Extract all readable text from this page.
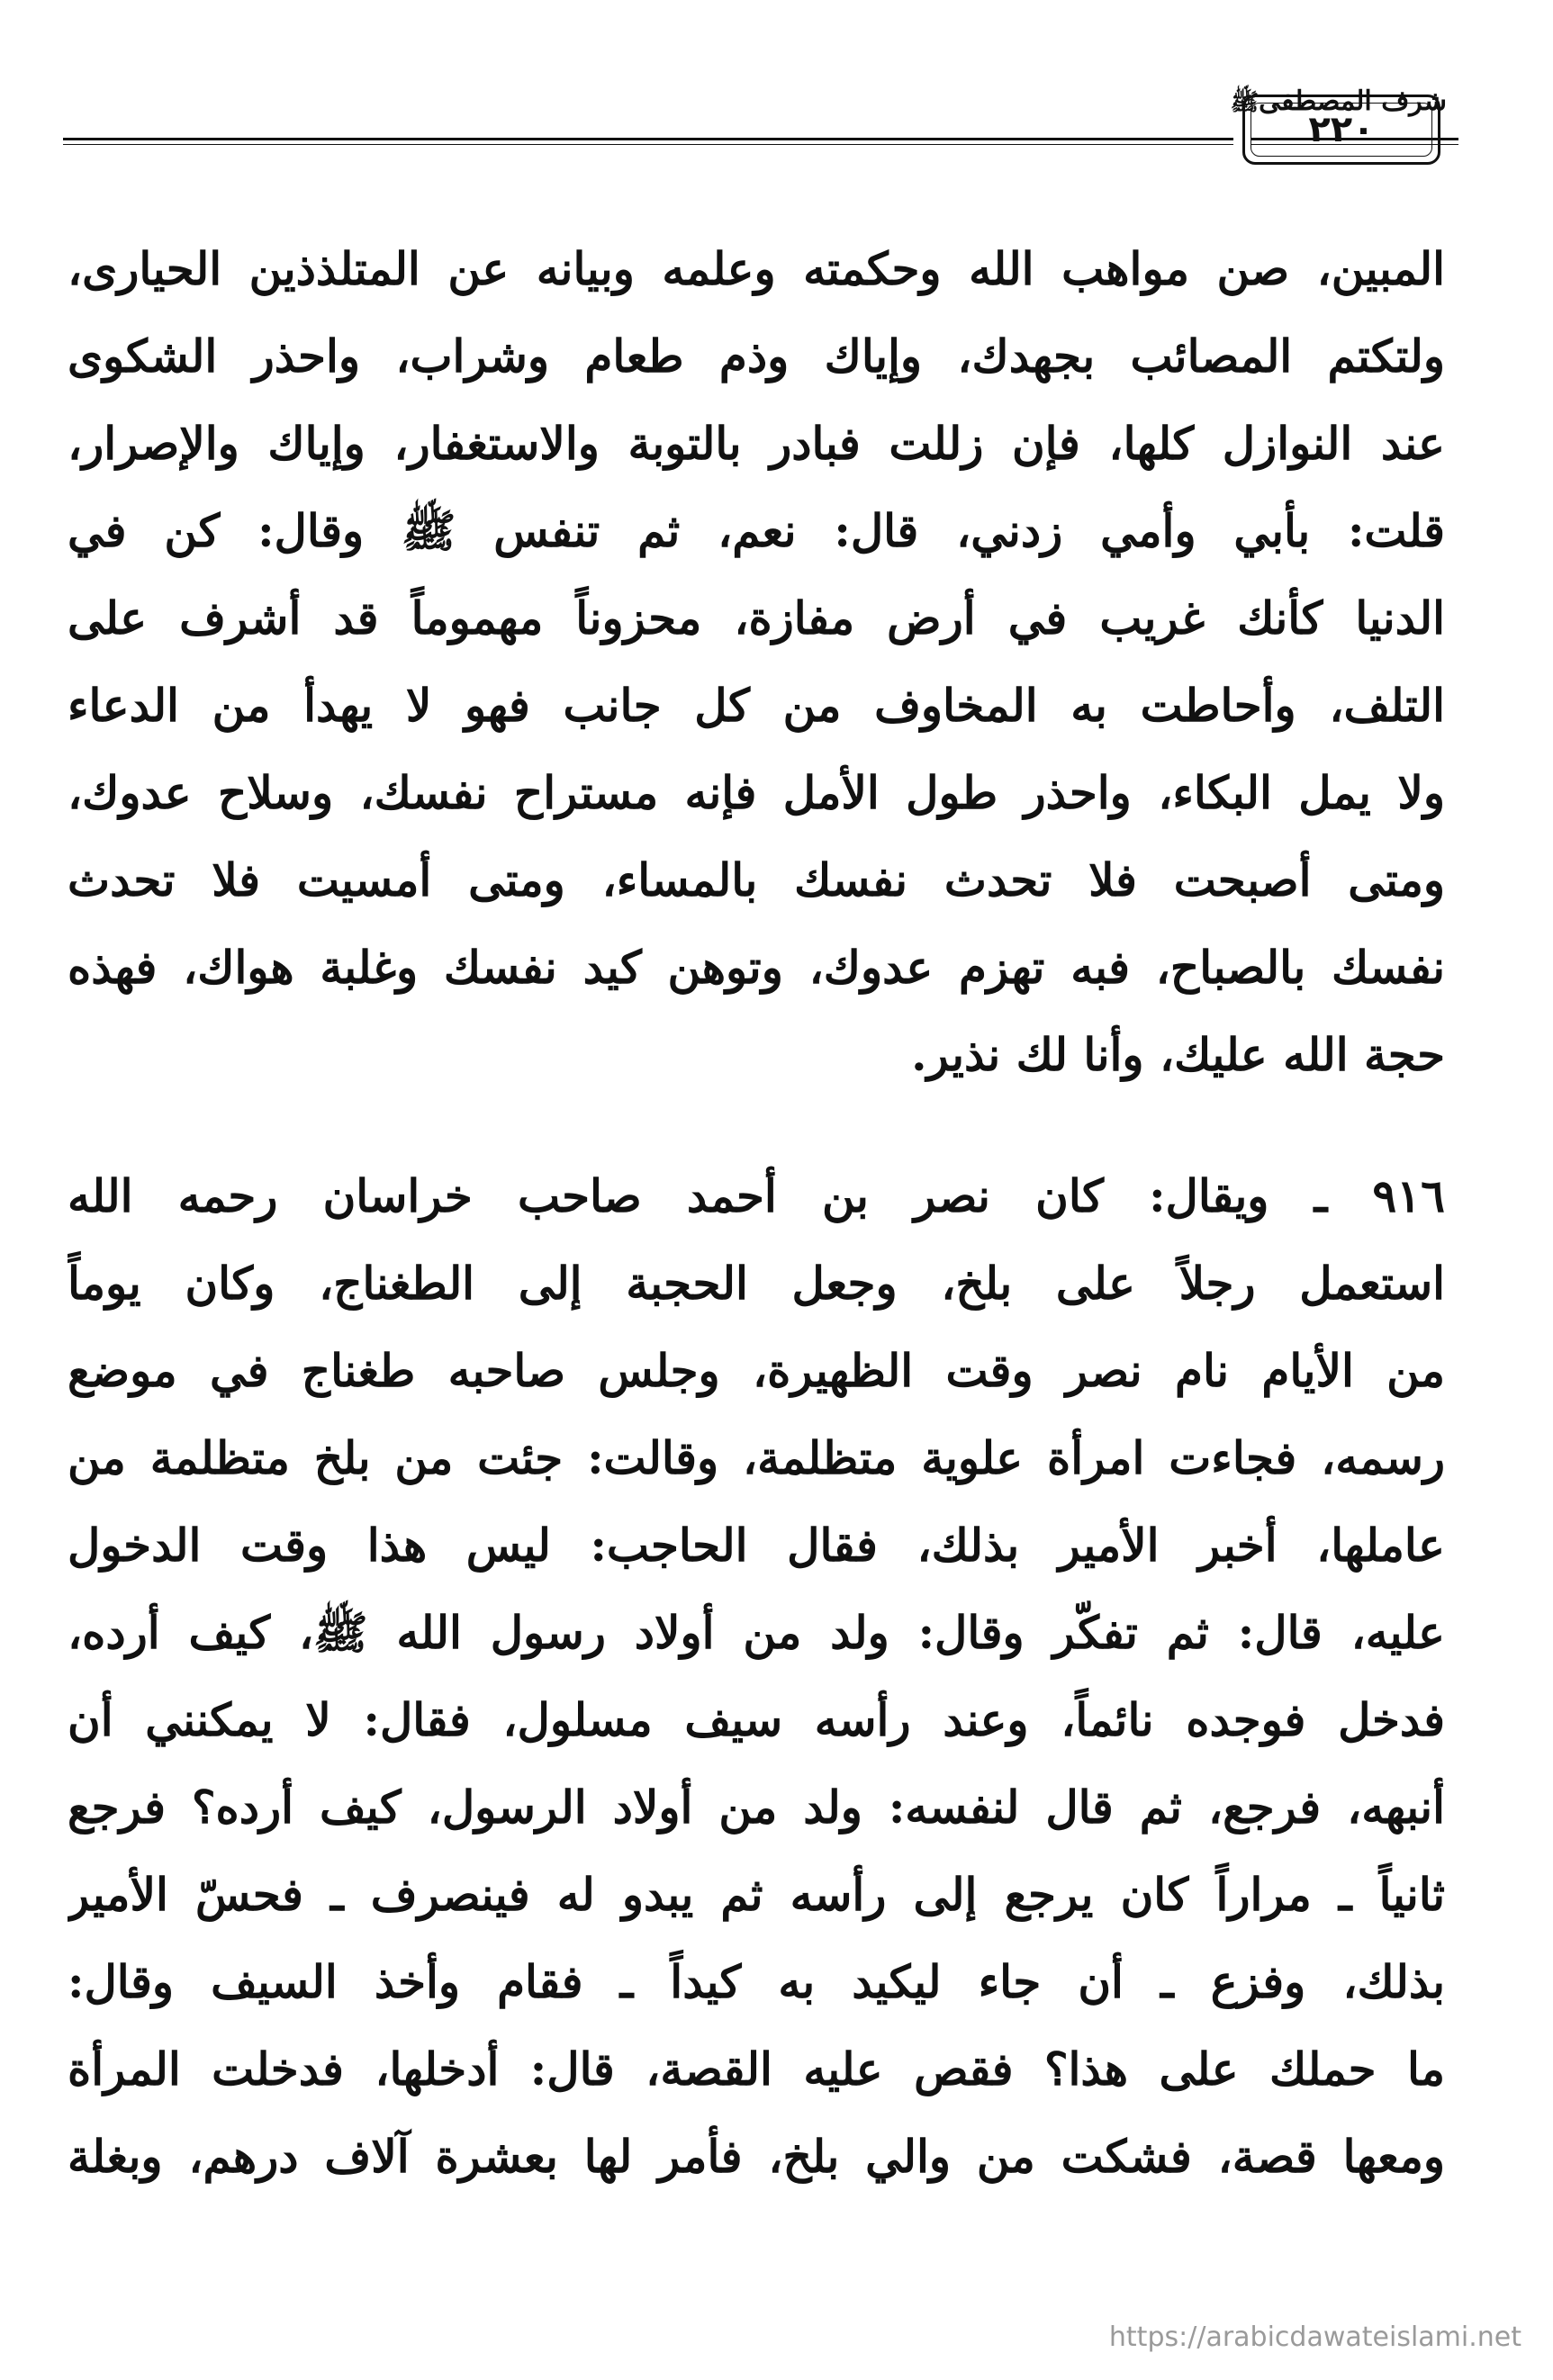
٢٢٠
شرف المصطفىﷺ
المبين، صن مواهب الله وحكمته وعلمه وبيانه عن المتلذذين الحيارى،
ولتكتم المصائب بجهدك، وإياك وذم طعام وشراب، واحذر الشكوى
عند النوازل كلها، فإن زللت فبادر بالتوبة والاستغفار، وإياك والإصرار،
قلت: بأبي وأمي زدني، قال: نعم، ثم تنفس ﷺ وقال: كن في
الدنيا كأنك غريب في أرض مفازة، محزوناً مهموماً قد أشرف على
التلف، وأحاطت به المخاوف من كل جانب فهو لا يهدأ من الدعاء
ولا يمل البكاء، واحذر طول الأمل فإنه مستراح نفسك، وسلاح عدوك،
ومتى أصبحت فلا تحدث نفسك بالمساء، ومتى أمسيت فلا تحدث
نفسك بالصباح، فبه تهزم عدوك، وتوهن كيد نفسك وغلبة هواك، فهذه
حجة الله عليك، وأنا لك نذير.
٩١٦ ـ ويقال: كان نصر بن أحمد صاحب خراسان رحمه الله
استعمل رجلاً على بلخ، وجعل الحجبة إلى الطغناج، وكان يوماً
من الأيام نام نصر وقت الظهيرة، وجلس صاحبه طغناج في موضع
رسمه، فجاءت امرأة علوية متظلمة، وقالت: جئت من بلخ متظلمة من
عاملها، أخبر الأمير بذلك، فقال الحاجب: ليس هذا وقت الدخول
عليه، قال: ثم تفكّر وقال: ولد من أولاد رسول الله ﷺ، كيف أرده،
فدخل فوجده نائماً، وعند رأسه سيف مسلول، فقال: لا يمكنني أن
أنبهه، فرجع، ثم قال لنفسه: ولد من أولاد الرسول، كيف أرده؟ فرجع
ثانياً ـ مراراً كان يرجع إلى رأسه ثم يبدو له فينصرف ـ فحسّ الأمير
بذلك، وفزع ـ أن جاء ليكيد به كيداً ـ فقام وأخذ السيف وقال:
ما حملك على هذا؟ فقص عليه القصة، قال: أدخلها، فدخلت المرأة
ومعها قصة، فشكت من والي بلخ، فأمر لها بعشرة آلاف درهم، وبغلة
https://arabicdawateislami.net
